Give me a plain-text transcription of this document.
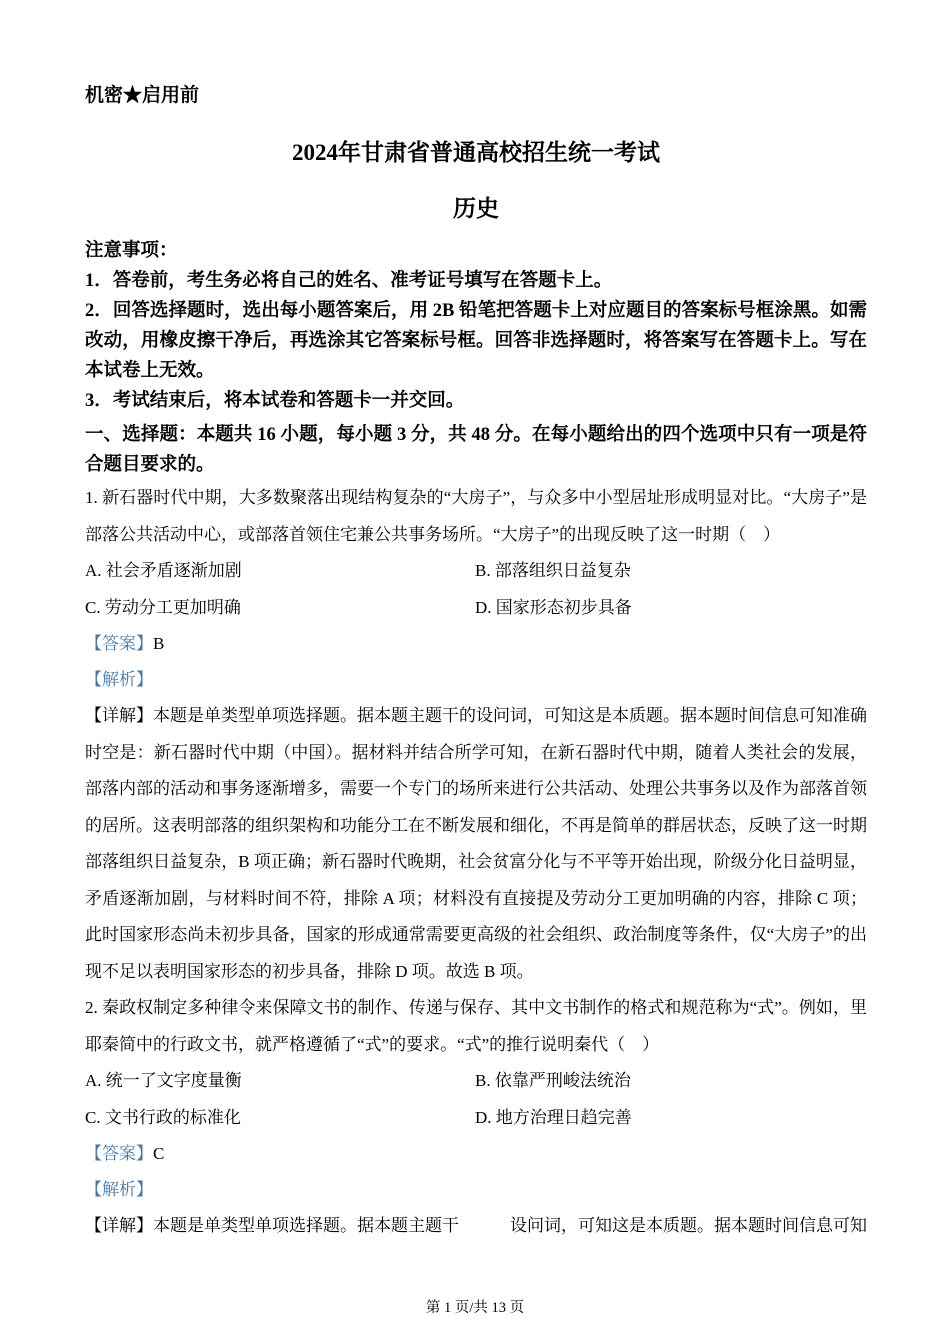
机密★启用前
2024年甘肃省普通高校招生统一考试
历史

注意事项：

1．答卷前，考生务必将自己的姓名、准考证号填写在答题卡上。

2．回答选择题时，选出每小题答案后，用 2B 铅笔把答题卡上对应题目的答案标号框涂黑。如需改动，用橡皮擦干净后，再选涂其它答案标号框。回答非选择题时，将答案写在答题卡上。写在本试卷上无效。

3．考试结束后，将本试卷和答题卡一并交回。

一、选择题：本题共 16 小题，每小题 3 分，共 48 分。在每小题给出的四个选项中只有一项是符合题目要求的。

1. 新石器时代中期，大多数聚落出现结构复杂的“大房子”，与众多中小型居址形成明显对比。“大房子”是部落公共活动中心，或部落首领住宅兼公共事务场所。“大房子”的出现反映了这一时期（　）

A. 社会矛盾逐渐加剧	B. 部落组织日益复杂
C. 劳动分工更加明确	D. 国家形态初步具备

【答案】B

【解析】

【详解】本题是单类型单项选择题。据本题主题干的设问词，可知这是本质题。据本题时间信息可知准确时空是：新石器时代中期（中国）。据材料并结合所学可知，在新石器时代中期，随着人类社会的发展，部落内部的活动和事务逐渐增多，需要一个专门的场所来进行公共活动、处理公共事务以及作为部落首领的居所。这表明部落的组织架构和功能分工在不断发展和细化，不再是简单的群居状态，反映了这一时期部落组织日益复杂，B 项正确；新石器时代晚期，社会贫富分化与不平等开始出现，阶级分化日益明显，矛盾逐渐加剧，与材料时间不符，排除 A 项；材料没有直接提及劳动分工更加明确的内容，排除 C 项；此时国家形态尚未初步具备，国家的形成通常需要更高级的社会组织、政治制度等条件，仅“大房子”的出现不足以表明国家形态的初步具备，排除 D 项。故选 B 项。

2. 秦政权制定多种律令来保障文书的制作、传递与保存、其中文书制作的格式和规范称为“式”。例如，里耶秦简中的行政文书，就严格遵循了“式”的要求。“式”的推行说明秦代（　）

A. 统一了文字度量衡	B. 依靠严刑峻法统治
C. 文书行政的标准化	D. 地方治理日趋完善

【答案】C

【解析】

【详解】本题是单类型单项选择题。据本题主题干　　　设问词，可知这是本质题。据本题时间信息可知

第 1 页/共 13 页
